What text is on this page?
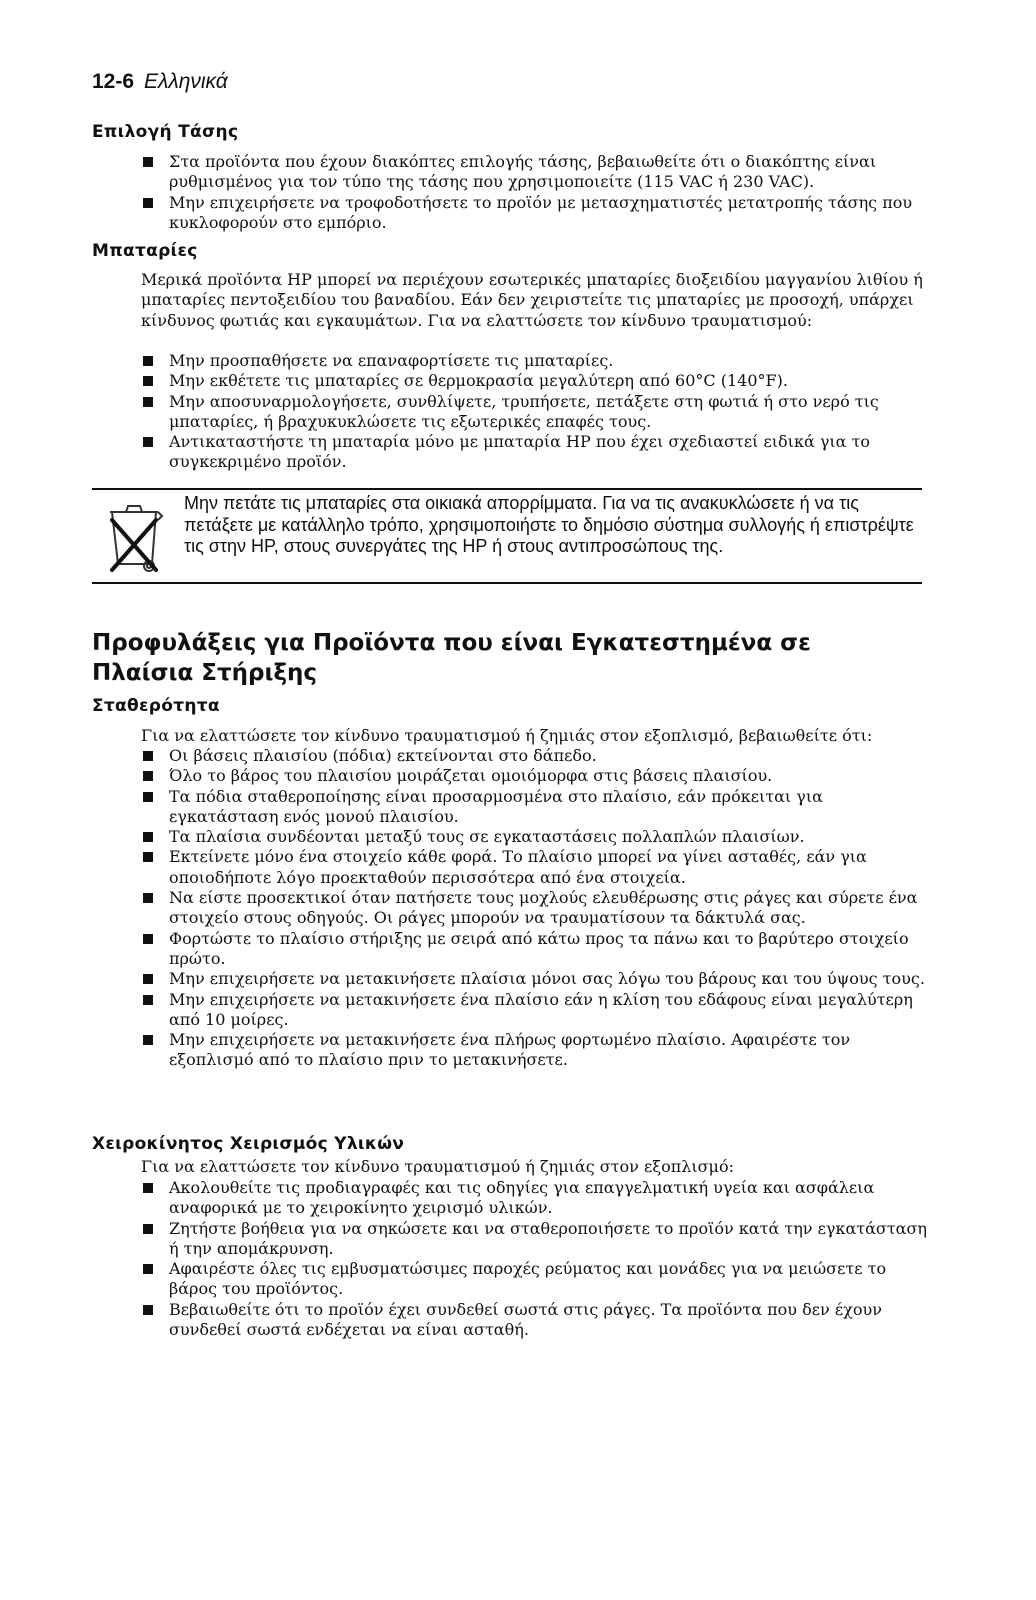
12-6 Ελληνικά
Επιλογή Τάσης
Στα προϊόντα που έχουν διακόπτες επιλογής τάσης, βεβαιωθείτε ότι ο διακόπτης είναι ρυθμισμένος για τον τύπο της τάσης που χρησιμοποιείτε (115 VAC ή 230 VAC).
Μην επιχειρήσετε να τροφοδοτήσετε το προϊόν με μετασχηματιστές μετατροπής τάσης που κυκλοφορούν στο εμπόριο.
Μπαταρίες
Μερικά προϊόντα HP μπορεί να περιέχουν εσωτερικές μπαταρίες διοξειδίου μαγγανίου λιθίου ή μπαταρίες πεντοξειδίου του βαναδίου. Εάν δεν χειριστείτε τις μπαταρίες με προσοχή, υπάρχει κίνδυνος φωτιάς και εγκαυμάτων. Για να ελαττώσετε τον κίνδυνο τραυματισμού:
Μην προσπαθήσετε να επαναφορτίσετε τις μπαταρίες.
Μην εκθέτετε τις μπαταρίες σε θερμοκρασία μεγαλύτερη από 60°C (140°F).
Μην αποσυναρμολογήσετε, συνθλίψετε, τρυπήσετε, πετάξετε στη φωτιά ή στο νερό τις μπαταρίες, ή βραχυκυκλώσετε τις εξωτερικές επαφές τους.
Αντικαταστήστε τη μπαταρία μόνο με μπαταρία HP που έχει σχεδιαστεί ειδικά για το συγκεκριμένο προϊόν.
Μην πετάτε τις μπαταρίες στα οικιακά απορρίμματα. Για να τις ανακυκλώσετε ή να τις πετάξετε με κατάλληλο τρόπο, χρησιμοποιήστε το δημόσιο σύστημα συλλογής ή επιστρέψτε τις στην HP, στους συνεργάτες της HP ή στους αντιπροσώπους της.
Προφυλάξεις για Προϊόντα που είναι Εγκατεστημένα σε Πλαίσια Στήριξης
Σταθερότητα
Για να ελαττώσετε τον κίνδυνο τραυματισμού ή ζημιάς στον εξοπλισμό, βεβαιωθείτε ότι:
Οι βάσεις πλαισίου (πόδια) εκτείνονται στο δάπεδο.
Όλο το βάρος του πλαισίου μοιράζεται ομοιόμορφα στις βάσεις πλαισίου.
Τα πόδια σταθεροποίησης είναι προσαρμοσμένα στο πλαίσιο, εάν πρόκειται για εγκατάσταση ενός μονού πλαισίου.
Τα πλαίσια συνδέονται μεταξύ τους σε εγκαταστάσεις πολλαπλών πλαισίων.
Εκτείνετε μόνο ένα στοιχείο κάθε φορά. Το πλαίσιο μπορεί να γίνει ασταθές, εάν για οποιοδήποτε λόγο προεκταθούν περισσότερα από ένα στοιχεία.
Να είστε προσεκτικοί όταν πατήσετε τους μοχλούς ελευθέρωσης στις ράγες και σύρετε ένα στοιχείο στους οδηγούς. Οι ράγες μπορούν να τραυματίσουν τα δάκτυλά σας.
Φορτώστε το πλαίσιο στήριξης με σειρά από κάτω προς τα πάνω και το βαρύτερο στοιχείο πρώτο.
Μην επιχειρήσετε να μετακινήσετε πλαίσια μόνοι σας λόγω του βάρους και του ύψους τους.
Μην επιχειρήσετε να μετακινήσετε ένα πλαίσιο εάν η κλίση του εδάφους είναι μεγαλύτερη από 10 μοίρες.
Μην επιχειρήσετε να μετακινήσετε ένα πλήρως φορτωμένο πλαίσιο. Αφαιρέστε τον εξοπλισμό από το πλαίσιο πριν το μετακινήσετε.
Χειροκίνητος Χειρισμός Υλικών
Για να ελαττώσετε τον κίνδυνο τραυματισμού ή ζημιάς στον εξοπλισμό:
Ακολουθείτε τις προδιαγραφές και τις οδηγίες για επαγγελματική υγεία και ασφάλεια αναφορικά με το χειροκίνητο χειρισμό υλικών.
Ζητήστε βοήθεια για να σηκώσετε και να σταθεροποιήσετε το προϊόν κατά την εγκατάσταση ή την απομάκρυνση.
Αφαιρέστε όλες τις εμβυσματώσιμες παροχές ρεύματος και μονάδες για να μειώσετε το βάρος του προϊόντος.
Βεβαιωθείτε ότι το προϊόν έχει συνδεθεί σωστά στις ράγες. Τα προϊόντα που δεν έχουν συνδεθεί σωστά ενδέχεται να είναι ασταθή.
